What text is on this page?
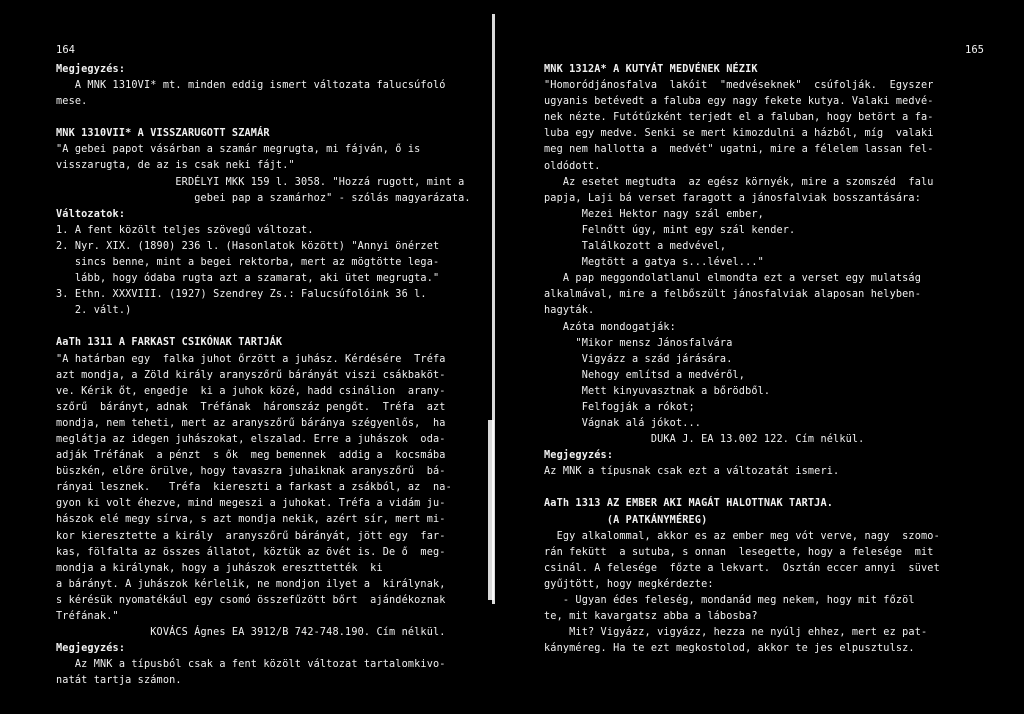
164
Megjegyzés:
A MNK 1310VI* mt. minden eddig ismert változata falucsúfoló
mese.
MNK 1310VII* A VISSZARUGOTT SZAMÁR
"A gebei papot vásárban a szamár megrugta, mi fájván, ő is
visszarugta, de az is csak neki fájt."
ERDÉLYI MKK 159 l. 3058. "Hozzá rugott, mint a
gebei pap a szamárhoz" - szólás magyarázata.
Változatok:
1. A fent közölt teljes szövegű változat.
2. Nyr. XIX. (1890) 236 l. (Hasonlatok között) "Annyi önérzet
sincs benne, mint a begei rektorba, mert az mögtötte lega-
lább, hogy ódaba rugta azt a szamarat, aki ütet megrugta."
3. Ethn. XXXVIII. (1927) Szendrey Zs.: Falucsúfolóink 36 l.
2. vált.)
AaTh 1311 A FARKAST CSIKÓNAK TARTJÁK
"A határban egy  falka juhot őrzött a juhász. Kérdésére  Tréfa
azt mondja, a Zöld király aranyszőrű bárányát viszi csákbaköt-
ve. Kérik őt, engedje  ki a juhok közé, hadd csinálion  arany-
szőrű  bárányt, adnak  Tréfának  háromszáz pengőt.  Tréfa  azt
mondja, nem teheti, mert az aranyszőrű báránya szégyenlős,  ha
meglátja az idegen juhászokat, elszalad. Erre a juhászok  oda-
adják Tréfának  a pénzt  s ők  meg bemennek  addig a  kocsmába
büszkén, előre örülve, hogy tavaszra juhaiknak aranyszőrű  bá-
rányai lesznek.   Tréfa  kiereszti a farkast a zsákból, az  na-
gyon ki volt éhezve, mind megeszi a juhokat. Tréfa a vidám ju-
hászok elé megy sírva, s azt mondja nekik, azért sír, mert mi-
kor kieresztette a király  aranyszőrű bárányát, jött egy  far-
kas, fölfalta az összes állatot, köztük az övét is. De ő  meg-
mondja a királynak, hogy a juhászok ereszttették  ki
a bárányt. A juhászok kérlelik, ne mondjon ilyet a  királynak,
s kérésük nyomatékául egy csomó összefűzött bőrt  ajándékoznak
Tréfának."
KOVÁCS Ágnes EA 3912/B 742-748.190. Cím nélkül.
Megjegyzés:
Az MNK a típusból csak a fent közölt változat tartalomkivo-
natát tartja számon.
165
MNK 1312A* A KUTYÁT MEDVÉNEK NÉZIK
"Homoródjánosfalva  lakóit  "medvéseknek"  csúfolják.  Egyszer
ugyanis betévedt a faluba egy nagy fekete kutya. Valaki medvé-
nek nézte. Futótűzként terjedt el a faluban, hogy betört a fa-
luba egy medve. Senki se mert kimozdulni a házból, míg  valaki
meg nem hallotta a  medvét" ugatni, mire a félelem lassan fel-
oldódott.
Az esetet megtudta  az egész környék, mire a szomszéd  falu
papja, Laji bá verset faragott a jánosfalviak bosszantására:
Mezei Hektor nagy szál ember,
Felnőtt úgy, mint egy szál kender.
Találkozott a medvével,
Megtött a gatya s...lével..."
A pap meggondolatlanul elmondta ezt a verset egy mulatság
alkalmával, mire a felbőszült jánosfalviak alaposan helyben-
hagyták.
Azóta mondogatják:
"Mikor mensz Jánosfalvára
Vigyázz a szád járására.
Nehogy említsd a medvéről,
Mett kinyuvasztnak a bőrödből.
Felfogják a rókot;
Vágnak alá jókot...
DUKA J. EA 13.002 122. Cím nélkül.
Megjegyzés:
Az MNK a típusnak csak ezt a változatát ismeri.
AaTh 1313 AZ EMBER AKI MAGÁT HALOTTNAK TARTJA.
(A PATKÁNYMÉREG)
Egy alkalommal, akkor es az ember meg vót verve, nagy  szomo-
rán fekütt  a sutuba, s onnan  lesegette, hogy a felesége  mit
csinál. A felesége  főzte a lekvart.  Osztán eccer annyi  süvet
gyűjtött, hogy megkérdezte:
- Ugyan édes feleség, mondanád meg nekem, hogy mit főzöl
te, mit kavargatsz abba a lábosba?
Mit? Vigyázz, vigyázz, hezza ne nyúlj ehhez, mert ez pat-
kányméreg. Ha te ezt megkostolod, akkor te jes elpusztulsz.
